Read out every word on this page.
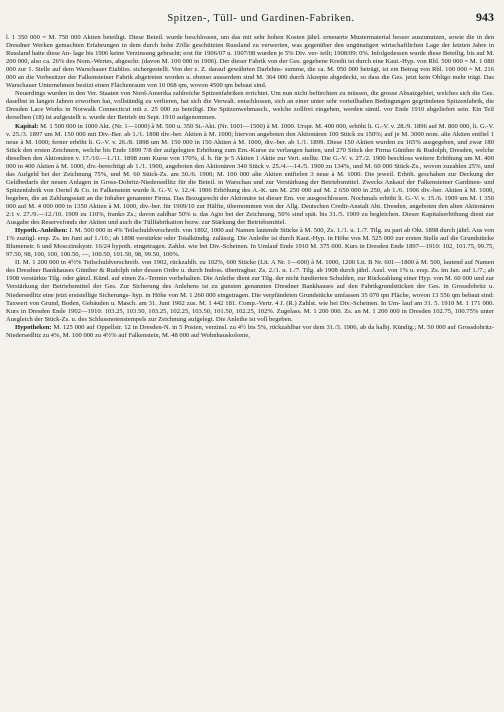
Spitzen-, Tüll- und Gardinen-Fabriken.	943

l. 1 350 000 = M. 750 000 Aktien beteiligt. Diese Beteil. wurde beschlossen, um das mit sehr hohen Kosten jährl. erneuerte Mustermaterial besser auszunutzen, sowie die in den Dresdner Werken gemachten Erfahrungen in dem durch hohe Zölle geschützten Russland zu verwerten, was gegenüber den ungünstigen wirtschaftlichen Lage der letzten Jahre in Russland hatte diese An- lage bis 1906 keine Verzinsung gebracht; erst für 1906/07 u. 1907/08 wurden je 5% Div. ver- teilt; 1908/09: 0%. Infolgedessen wurde diese Beteilig. bis auf M. 200 000, also ca. 26% des Nom.-Wertes, abgeschr. (davon M. 100 000 in 1906). Der dieser Fabrik von der Ges. gegebene Kredit ist durch eine Kaut.-Hyp. von Rbl. 500 000 = M. 1 080 000 zur 1. Stelle auf dem Warschauer Etabliss. sichergestellt. Von der z. Z. darauf gewährten Darlehns- summe, die ca. M. 950 000 beträgt, ist ein Betrag von Rbl. 100 000 = M. 216 000 an die Vorbesitzer der Falkensteiner Fabrik abgetreten worden u. ebenso ausserdem sind M. 364 000 durch Akzepte abgedeckt, so dass die Ges. jetzt kein Obligo mehr trägt. Das Warschauer Unternehmen besitzt einen Flächenraum von 10 068 qm, wovon 4500 qm bebaut sind.

Neuerdings wurden in den Ver. Staaten von Nord-Amerika zahlreiche Spitzenfabriken errichtet. Um nun nicht befürchten zu müssen, die grosse Absatzgebiet, welches sich die Ges. daselbst in langen Jahren erworben hat, vollständig zu verlieren, hat sich die Verwalt. entschlossen, sich an einer unter sehr vorteilhaften Bedingungen gegründeten Spitzenfabrik, die Dresden Lace Works in Norwalk Connecticut mit z. 25 000 zu beteiligt. Die Spitzenwebmasch., welche zollfrei eingehen, werden sämtl. vor Ende 1910 abgeliefert sein. Ein Teil derselben (18) ist aufgestellt u. wurde der Betrieb im Sept. 1910 aufgenommen.

Kapital: M. 1 500 000 in 1000 Akt. (Nr. 1—1000) à M. 500 u. 350 St.-Akt. (Nr. 1001—1500) à M. 1000. Urspr. M. 400 000, erhöht lt. G.-V. v. 28./9. 1896 auf M. 800 000, lt. G.-V. v. 25./3. 1897 um M. 150 000 mit Div.-Ber. ab 1./1. 1898 div.-ber. Aktien à M. 1000; hiervon angeboten den Aktionären 100 Stück zu 150%; auf je M. 3000 nom. alte Aktien entfiel 1 neue à M. 1000; ferner erhöht lt. G.-V. v. 26./8. 1898 um M. 150 000 in 150 Aktien à M. 1000, div.-ber. ab 1./1. 1899. Diese 150 Aktien wurden zu 165% ausgegeben, und zwar 180 Stück den ersten Zeichnern, welche bis Ende 1899 7/8 der aufgelegten Erhöhung zum Em.-Kurse zu verlangen hatten, und 270 Stück der Firma Günther & Rudolph, Dresden, welche dieselben den Aktionären v. 17./10.—1./11. 1898 zum Kurse von 170%, d. h. für je 5 Aktien 1 Aktie zur Vert. stellte. Die G.-V. v. 27./2. 1900 beschloss weitere Erhöhung um M. 400 000 in 400 Aktien à M. 1000, div.-berechtigt ab 1./1. 1900, angeboten den Aktionären 340 Stück v. 25./4.—14./5. 1900 zu 134%, und M. 60 000 Stück-Zs., wovon zuzahlen 25%, und das Aufgeld bei der Zeichnung 75%, und M. 60 Stück-Zs. am 30./6. 1900; M. 100 000 alte Aktien entfielen 3 neue à M. 1000. Die jeweil. Erhöh. geschahen zur Deckung der Geldbedarfs der neuen Anlagen in Gross-Dobritz-Niedersedlitz für die Beteil. in Warschau und zur Verstärkung der Betriebsmittel. Zwecks Ankauf der Falkensteiner Gardinen- und Spitzenfabrik von Oertel & Co. in Falkenstein wurde lt. G.-V. v. 12./4. 1906 Erhöhung des A.-K. um M. 250 000 auf M. 2 650 000 in 250, ab 1./6. 1906 div.-ber. Aktien à M. 1000, begeben, die an Zahlungsstatt an die Inhaber genannter Firma. Das Bezugsrecht der Aktionäre ist dieser Em. vor ausgeschlossen. Nochmals erhöht lt. G.-V. v. 15./6. 1909 um M. 1 350 000 auf M. 4 000 000 in 1350 Aktien à M. 1000, div.-ber. für 1909/10 zur Hälfte, übernommen von der Allg. Deutschen Credit-Anstalt Abt. Dresden, angeboten den alten Aktionären 2:1 v. 27./9.—12./10. 1909 zu 110%, franko Zs.; davon zahlbar 50% u. das Agio bei der Zeichnung, 50% sind spät. bis 31./5. 1909 zu begleichen. Dieser Kapitalserhöhung dient zur Ausgabe des Reservefonds der Aktien und auch die Tüllfabrikation bezw. zur Stärkung der Betriebsmittel.

Hypoth.-Anleihen: I. M. 500 000 in 4% Teilschuldverschreib. von 1892, 1000 auf Namen lautende Stücke à M. 500, Zs. 1./1. u. 1./7. Tilg. zu pari ab Okt. 1898 durch jährl. Aus von 1% zuzügl. ersp. Zs. im Juni auf 1./10.; ab 1898 verstärkte oder Totalkündig. zulässig. Die Anleihe ist durch Kaut.-Hyp. in Höhe von M. 525 000 zur ersten Stelle auf die Grundstücke Blumenstr. 6 und Mosczinskystr. 16/24 hypoth. eingetragen. Zahlst. wie bei Div.-Scheinen. In Umlauf Ende 1910 M. 375 000. Kurs in Dresden Ende 1897—1910: 102, 101.75, 99.75, 97.50, 98, 100, 100, 100.50, —, 100.50, 101.50, 98, 99.50, 100%.

II. M. 1 200 000 in 4½% Teilschuldverschreib. von 1902, rückzahlb. zu 102%, 600 Stücke (Lit. A Nr. 1—600) à M. 1000, 1200 Lit. B Nr. 601—1800 à M. 500, lautend auf Namen des Dresdner Bankhauses Günther & Rudolph oder dessen Ordre u. durch Indoss. übertragbar. Zs. 2./1. u. 1./7. Tilg. ab 1908 durch jährl. Ausl. von 1% u. ersp. Zs. im Jan. auf 1./7.; ab 1908 verstärkte Tilg. oder gänzl. Künd. auf einen Zs.-Termin vorbehalten. Die Anleihe dient zur Tilg. der nicht fundierten Schulden, zur Rückzahlung einer Hyp. von M. 60 000 und zur Verstärkung der Betriebsmittel der Ges. Zur Sicherung des Anlehens ist zu gunsten genannten Dresdner Bankhauses auf den Fabrikgrundstücken der Ges. in Grossdobritz u. Niedersedlitz eine jetzt erststellige Sicherungs- hyp. in Höhe von M. 1 260 000 eingetragen. Die verpfändeten Grundstücke umfassen 35 070 qm Fläche, wovon 13 556 qm bebaut sind: Taxwert von Grund, Boden, Gebäuden u. Masch. am 31. Juni 1902 zus. M. 1 442 181. Comp.-Vertr. 4 J. (R.) Zahlst. wie bei Div.-Scheinen. In Um- lauf am 31. 5. 1910 M. 1 171 000. Kurs in Dresden Ende 1902—1910: 103.25, 103.50, 103.25, 102.25, 103.50, 101.50, 102.25, 102%. Zugelass. M. 1 200 000. Zs. an M. 1 200 000 in Dresden 102.75, 100.75% unter Ausgleich der Stück-Zs. u. des Schlussnotenstempels zur Zeichnung aufgelegt. Die Anleihe ist voll begeben.

Hypotheken: M. 125 000 auf Oppellstr. 12 in Dresden-N. in 5 Posten, verzinsl. zu 4½ bis 5%, rückzahlbar vor dem 31./3. 1906, ab da halbj. Kündig.; M. 50 000 auf Grossdobritz- Niedersedlitz zu 4%, M. 100 000 zu 4½% auf Falkenstein, M. 48 000 auf Wohnhauskolonie,
